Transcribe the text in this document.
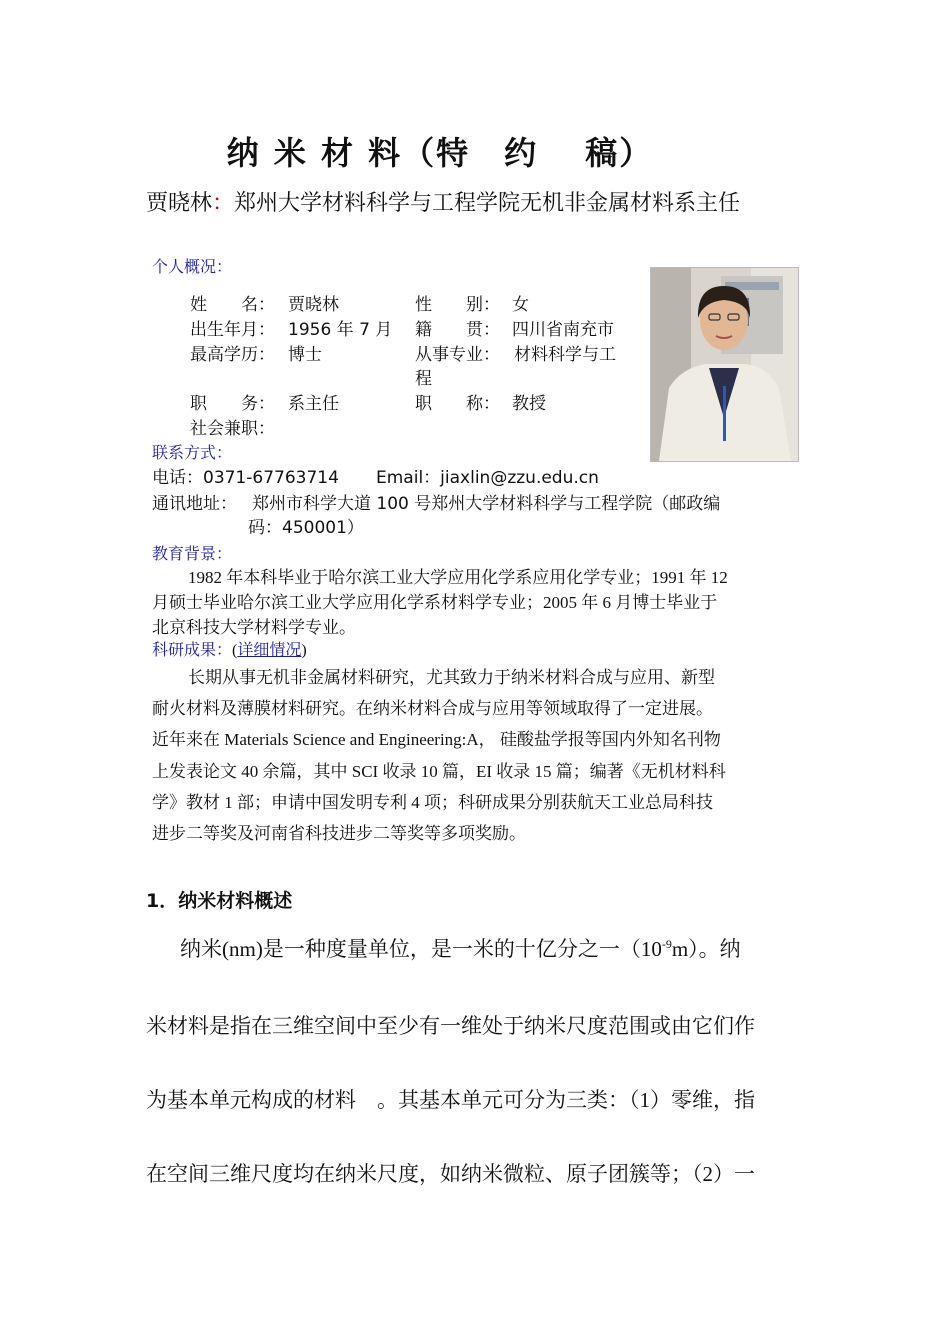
纳 米 材 料（特　约　 稿）
贾晓林：郑州大学材料科学与工程学院无机非金属材料系主任
个人概况：
姓　　名： 贾晓林	性　　别： 女
出生年月： 1956 年 7 月 籍　　贯： 四川省南充市
最高学历： 博士	从事专业： 材料科学与工
程
职　　务： 系主任	职　　称： 教授
社会兼职：
联系方式：
电话：0371-67763714 Email：jiaxlin@zzu.edu.cn
通讯地址： 郑州市科学大道 100 号郑州大学材料科学与工程学院（邮政编
码：450001）
教育背景：
1982 年本科毕业于哈尔滨工业大学应用化学系应用化学专业；1991 年 12
月硕士毕业哈尔滨工业大学应用化学系材料学专业；2005 年 6 月博士毕业于
北京科技大学材料学专业。
科研成果：(详细情况)
长期从事无机非金属材料研究，尤其致力于纳米材料合成与应用、新型
耐火材料及薄膜材料研究。在纳米材料合成与应用等领域取得了一定进展。
近年来在 Materials Science and Engineering:A， 硅酸盐学报等国内外知名刊物
上发表论文 40 余篇，其中 SCI 收录 10 篇，EI 收录 15 篇；编著《无机材料科
学》教材 1 部；申请中国发明专利 4 项；科研成果分别获航天工业总局科技
进步二等奖及河南省科技进步二等奖等多项奖励。
1．纳米材料概述
纳米(nm)是一种度量单位，是一米的十亿分之一$(10^{-9}m)$。纳
米材料是指在三维空间中至少有一维处于纳米尺度范围或由它们作
为基本单元构成的材料　。其基本单元可分为三类：（1）零维，指
在空间三维尺度均在纳米尺度，如纳米微粒、原子团簇等；（2）一
